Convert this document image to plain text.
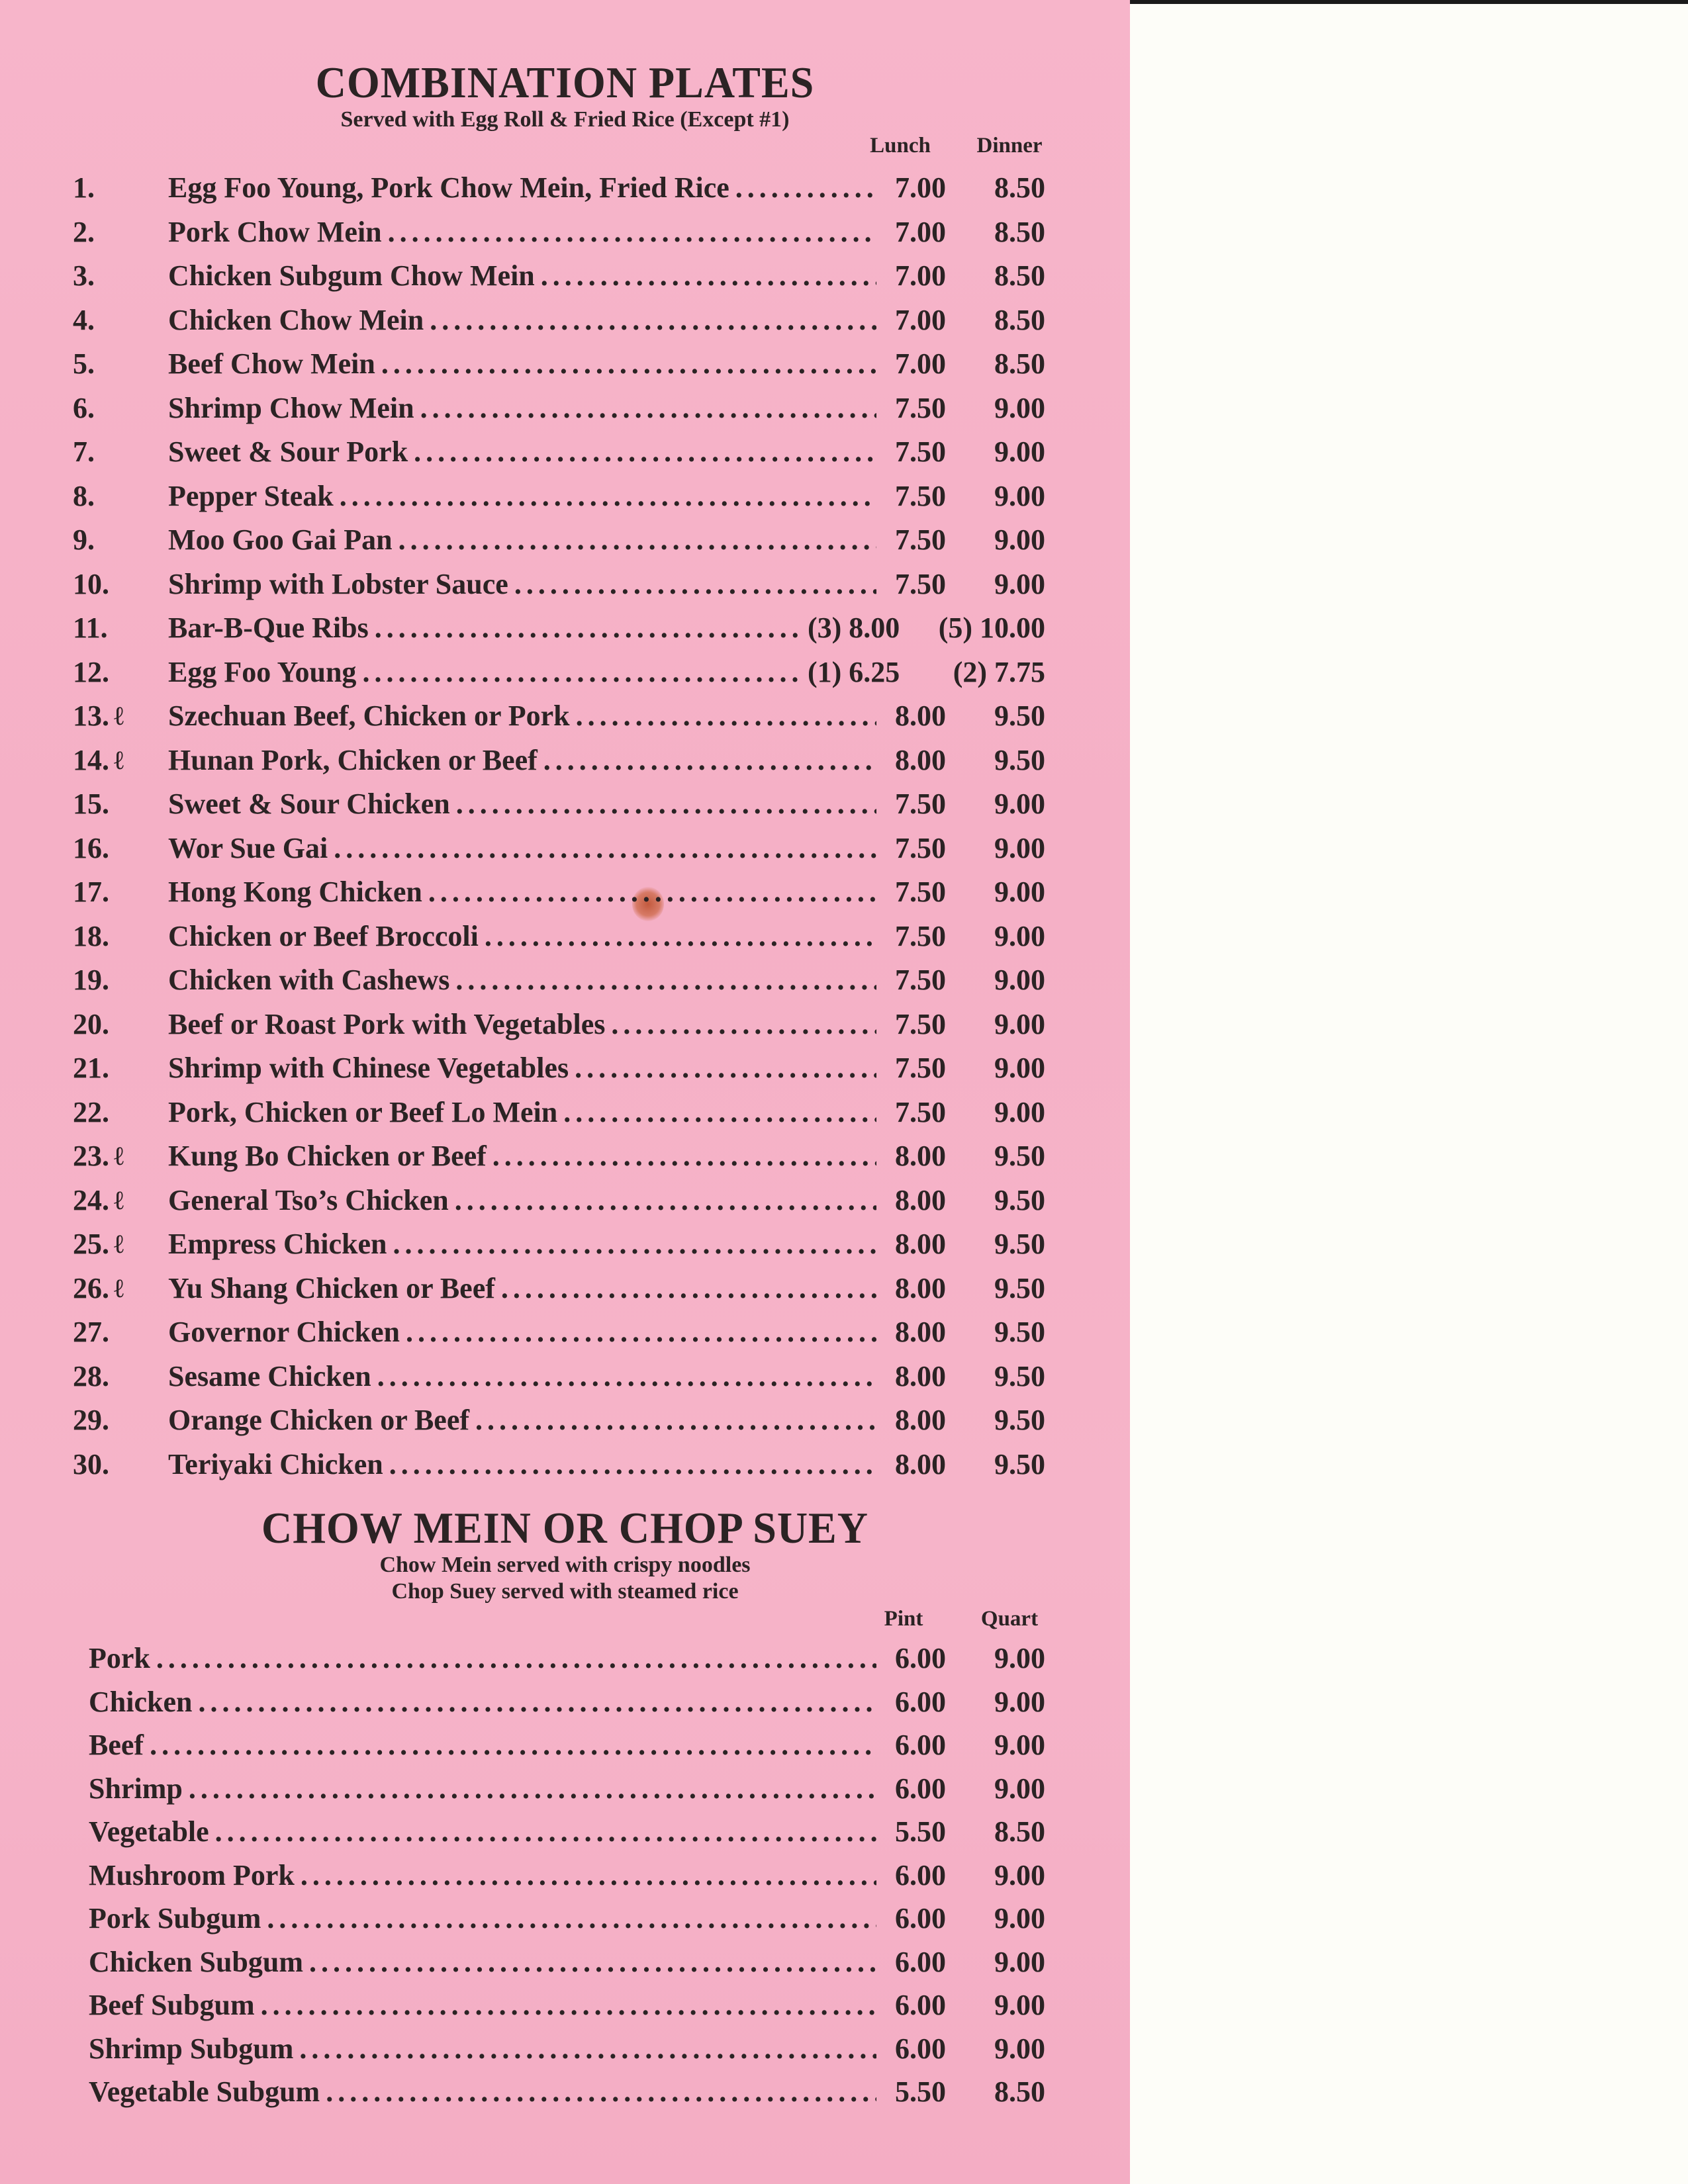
COMBINATION PLATES
Served with Egg Roll & Fried Rice (Except #1)
Lunch	Dinner
1.	Egg Foo Young, Pork Chow Mein, Fried Rice . . .	7.00 8.50
2.	Pork Chow Mein . . .	7.00 8.50
3.	Chicken Subgum Chow Mein . . .	7.00 8.50
4.	Chicken Chow Mein . . .	7.00 8.50
5.	Beef Chow Mein . . .	7.00 8.50
6.	Shrimp Chow Mein . . .	7.50 9.00
7.	Sweet & Sour Pork . . .	7.50 9.00
8.	Pepper Steak . . .	7.50 9.00
9.	Moo Goo Gai Pan . . .	7.50 9.00
10. Shrimp with Lobster Sauce . . .	7.50 9.00
11. Bar-B-Que Ribs . . .	(3) 8.00 (5) 10.00
12. Egg Foo Young . . .	(1) 6.25 (2) 7.75
13. ℓ Szechuan Beef, Chicken or Pork . . .	8.00 9.50
14. ℓ Hunan Pork, Chicken or Beef . . .	8.00 9.50
15. Sweet & Sour Chicken . . .	7.50 9.00
16. Wor Sue Gai . . .	7.50 9.00
17. Hong Kong Chicken . . .	7.50 9.00
18. Chicken or Beef Broccoli . . .	7.50 9.00
19. Chicken with Cashews . . .	7.50 9.00
20. Beef or Roast Pork with Vegetables . . .	7.50 9.00
21. Shrimp with Chinese Vegetables . . .	7.50 9.00
22. Pork, Chicken or Beef Lo Mein . . .	7.50 9.00
23. ℓ Kung Bo Chicken or Beef . . .	8.00 9.50
24. ℓ General Tso’s Chicken . . .	8.00 9.50
25. ℓ Empress Chicken . . .	8.00 9.50
26. ℓ Yu Shang Chicken or Beef . . .	8.00 9.50
27. Governor Chicken . . .	8.00 9.50
28. Sesame Chicken . . .	8.00 9.50
29. Orange Chicken or Beef . . .	8.00 9.50
30. Teriyaki Chicken . . .	8.00 9.50
CHOW MEIN OR CHOP SUEY
Chow Mein served with crispy noodles
Chop Suey served with steamed rice
Pint	Quart
Pork . . .	6.00 9.00
Chicken . . .	6.00 9.00
Beef . . .	6.00 9.00
Shrimp . . .	6.00 9.00
Vegetable . . .	5.50 8.50
Mushroom Pork . . .	6.00 9.00
Pork Subgum . . .	6.00 9.00
Chicken Subgum . . .	6.00 9.00
Beef Subgum . . .	6.00 9.00
Shrimp Subgum . . .	6.00 9.00
Vegetable Subgum . . .	5.50 8.50
